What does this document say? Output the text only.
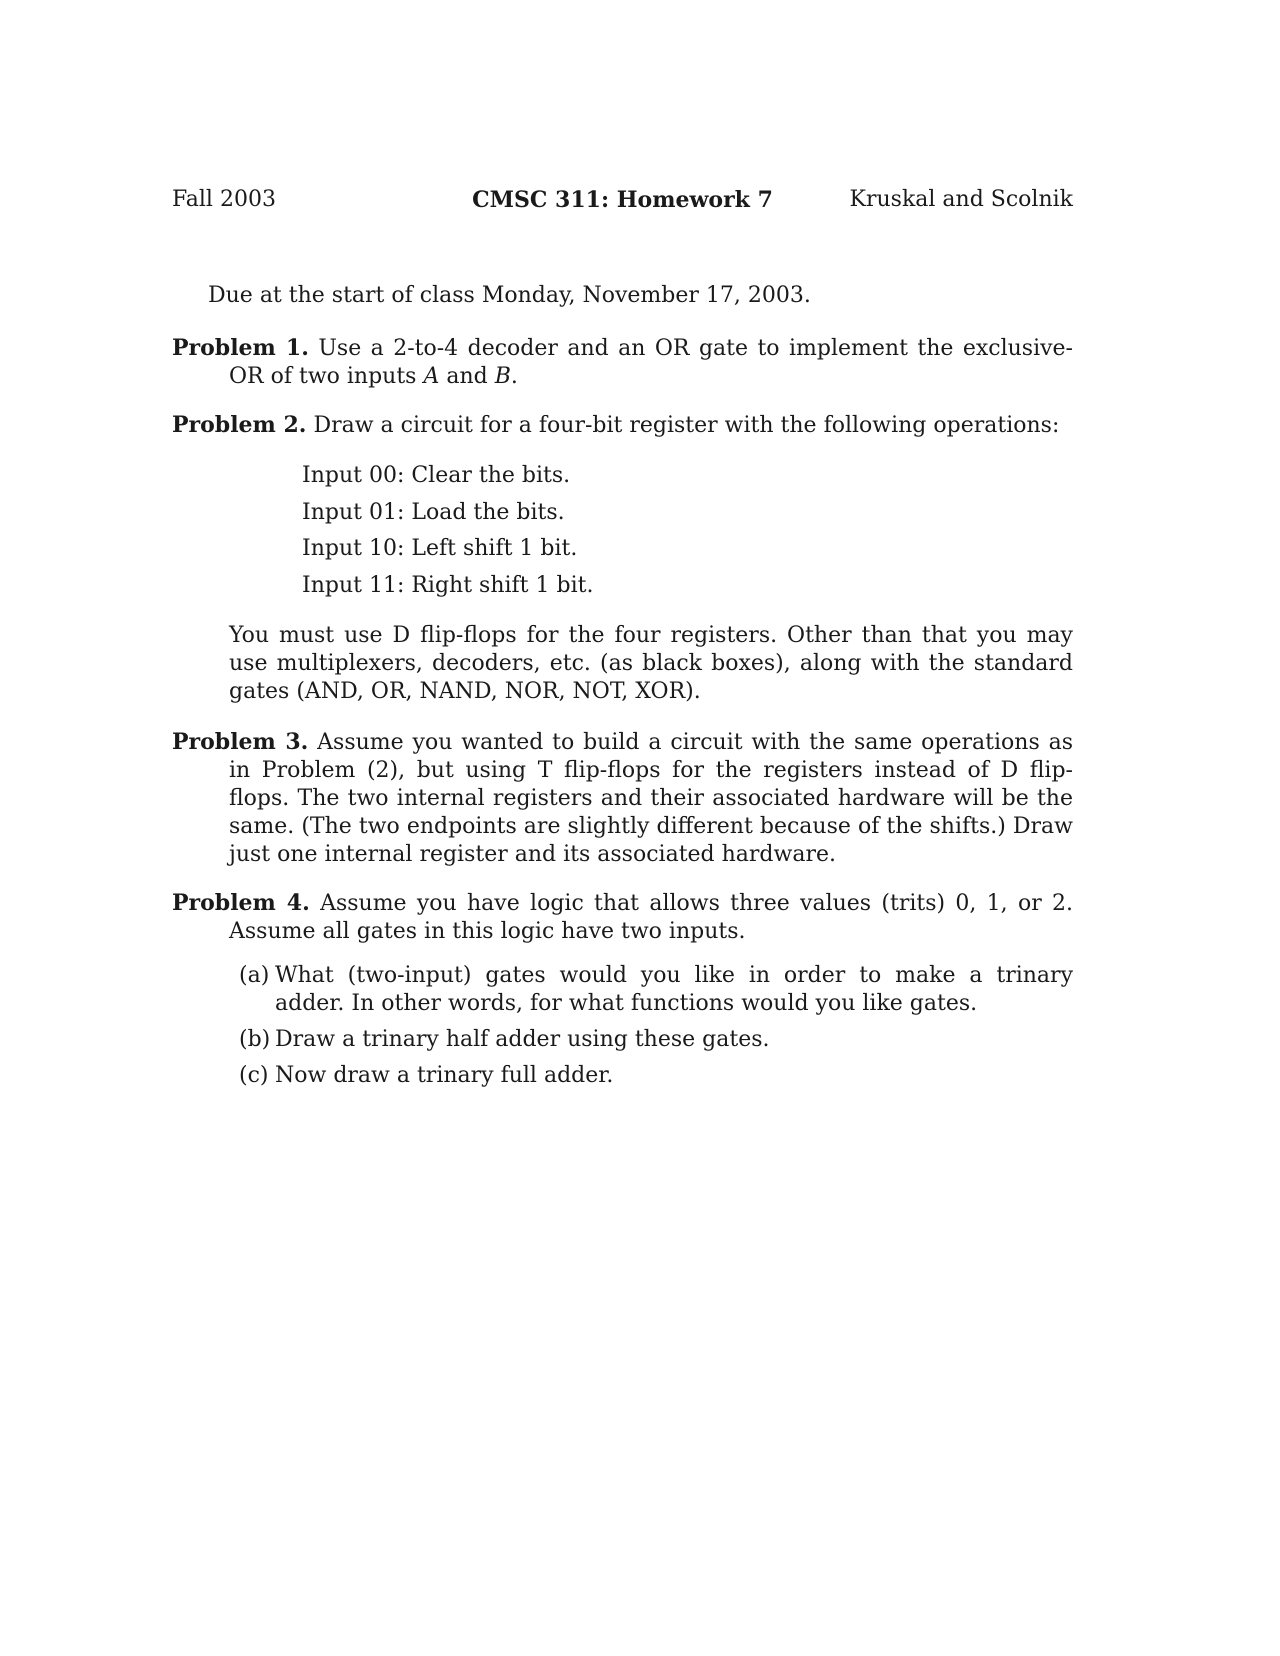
Fall 2003	CMSC 311: Homework 7	Kruskal and Scolnik
Due at the start of class Monday, November 17, 2003.
Problem 1. Use a 2-to-4 decoder and an OR gate to implement the exclusive-OR of two inputs A and B.
Problem 2. Draw a circuit for a four-bit register with the following operations:
Input 00: Clear the bits.
Input 01: Load the bits.
Input 10: Left shift 1 bit.
Input 11: Right shift 1 bit.
You must use D flip-flops for the four registers. Other than that you may use multiplexers, decoders, etc. (as black boxes), along with the standard gates (AND, OR, NAND, NOR, NOT, XOR).
Problem 3. Assume you wanted to build a circuit with the same operations as in Problem (2), but using T flip-flops for the registers instead of D flip-flops. The two internal registers and their associated hardware will be the same. (The two endpoints are slightly different because of the shifts.) Draw just one internal register and its associated hardware.
Problem 4. Assume you have logic that allows three values (trits) 0, 1, or 2. Assume all gates in this logic have two inputs.
(a) What (two-input) gates would you like in order to make a trinary adder. In other words, for what functions would you like gates.
(b) Draw a trinary half adder using these gates.
(c) Now draw a trinary full adder.
